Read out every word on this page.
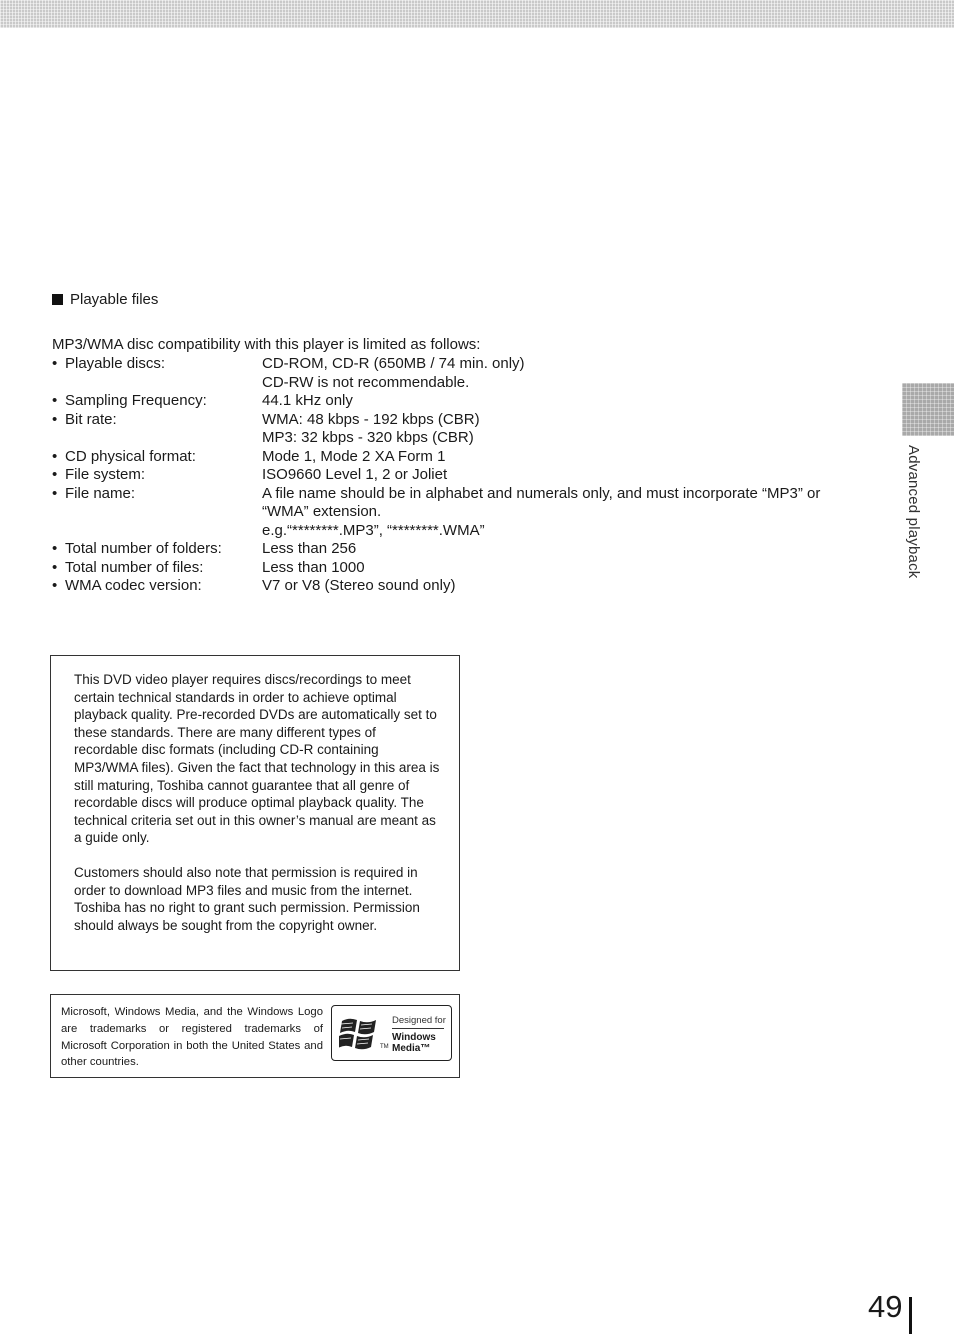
Advanced playback
Playable files
MP3/WMA disc compatibility with this player is limited as follows:
• Playable discs:	CD-ROM, CD-R (650MB / 74 min. only)
CD-RW is not recommendable.

• Sampling Frequency:	44.1 kHz only

• Bit rate:	WMA: 48 kbps - 192 kbps (CBR)
MP3: 32 kbps - 320 kbps (CBR)

• CD physical format:	Mode 1, Mode 2 XA Form 1

• File system:	ISO9660 Level 1, 2 or Joliet

• File name:	A file name should be in alphabet and numerals only, and must incorporate “MP3” or
“WMA” extension.
e.g.“********.MP3”, “********.WMA”

• Total number of folders:	Less than 256

• Total number of files:	Less than 1000

• WMA codec version:	V7 or V8 (Stereo sound only)

This DVD video player requires discs/recordings to meet certain technical standards in order to achieve optimal playback quality. Pre-recorded DVDs are automatically set to these standards. There are many different types of recordable disc formats (including CD-R containing MP3/WMA files). Given the fact that technology in this area is still maturing, Toshiba cannot guarantee that all genre of recordable discs will produce optimal playback quality. The technical criteria set out in this owner’s manual are meant as a guide only.

Customers should also note that permission is required in order to download MP3 files and music from the internet. Toshiba has no right to grant such permission. Permission should always be sought from the copyright owner.

Microsoft, Windows Media, and the Windows Logo are trademarks or registered trademarks of Microsoft Corporation in both the United States and other countries.
TM
Designed for
Windows
Media™
49
